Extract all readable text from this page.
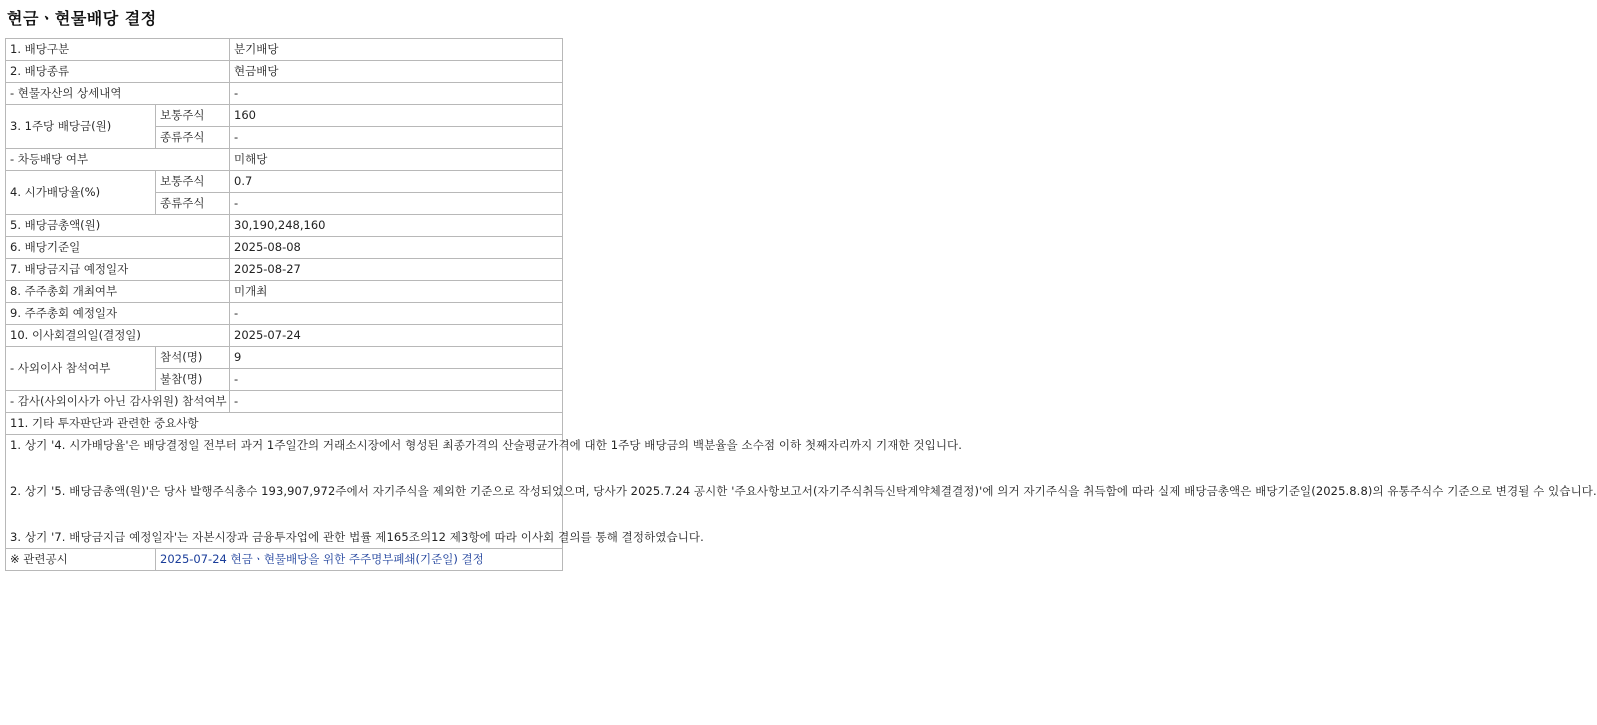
현금ㆍ현물배당 결정
1. 배당구분		분기배당
2. 배당종류		현금배당
- 현물자산의 상세내역		-
3. 1주당 배당금(원)	보통주식	160
	종류주식	-
- 차등배당 여부		미해당
4. 시가배당율(%)	보통주식	0.7
	종류주식	-
5. 배당금총액(원)		30,190,248,160
6. 배당기준일		2025-08-08
7. 배당금지급 예정일자		2025-08-27
8. 주주총회 개최여부		미개최
9. 주주총회 예정일자		-
10. 이사회결의일(결정일)		2025-07-24
- 사외이사 참석여부	참석(명)	9
	불참(명)	-
- 감사(사외이사가 아닌 감사위원) 참석여부		-
11. 기타 투자판단과 관련한 중요사항		

1. 상기 '4. 시가배당율'은 배당결정일 전부터 과거 1주일간의 거래소시장에서 형성된 최종가격의 산술평균가격에 대한 1주당 배당금의 백분율을 소수점 이하 첫째자리까지 기재한 것입니다.

2. 상기 '5. 배당금총액(원)'은 당사 발행주식총수 193,907,972주에서 자기주식을 제외한 기준으로 작성되었으며, 당사가 2025.7.24 공시한 '주요사항보고서(자기주식취득신탁계약체결결정)'에 의거 자기주식을 취득함에 따라 실제 배당금총액은 배당기준일(2025.8.8)의 유통주식수 기준으로 변경될 수 있습니다.

3. 상기 '7. 배당금지급 예정일자'는 자본시장과 금융투자업에 관한 법률 제165조의12 제3항에 따라 이사회 결의를 통해 결정하였습니다.		

※ 관련공시	2025-07-24 현금ㆍ현물배당을 위한 주주명부폐쇄(기준일) 결정	
